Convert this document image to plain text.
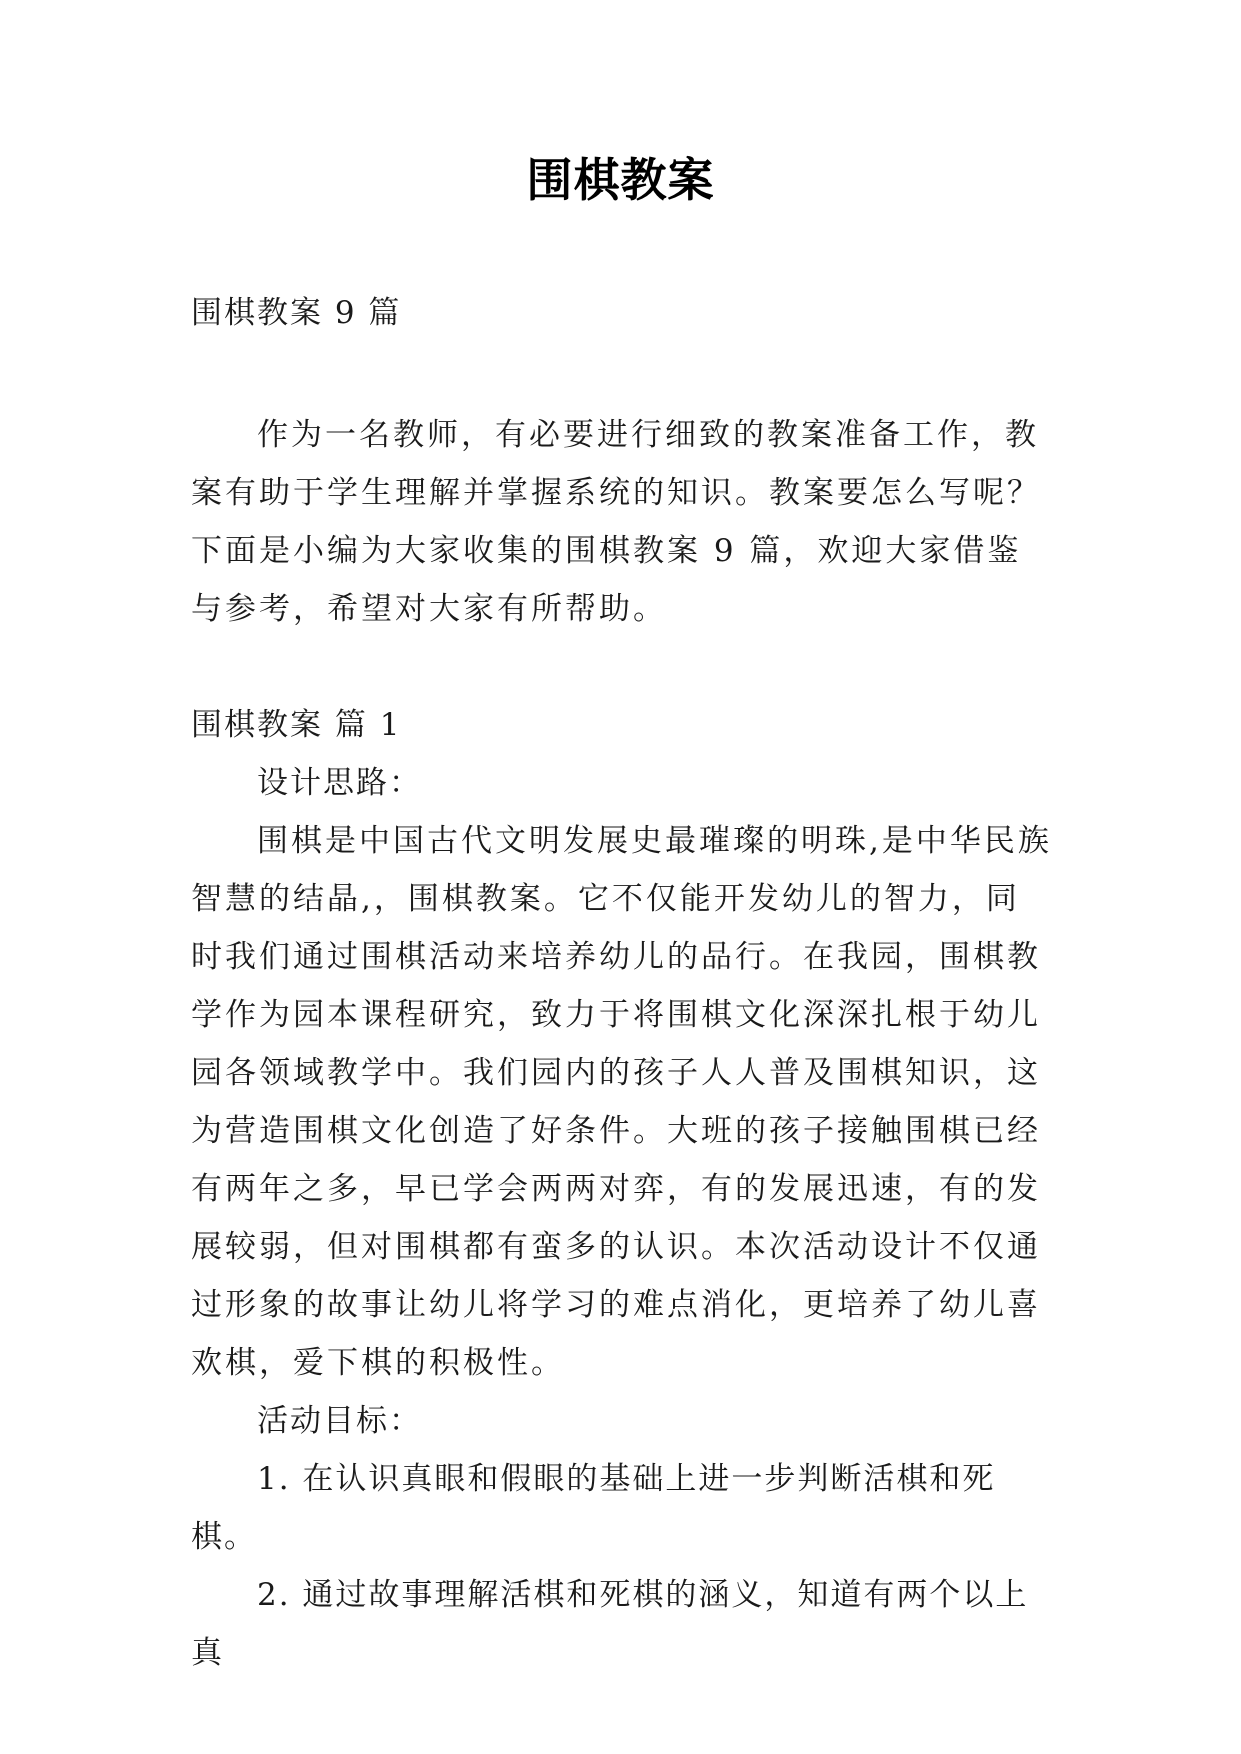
围棋教案
围棋教案 9 篇
作为一名教师，有必要进行细致的教案准备工作，教案有助于学生理解并掌握系统的知识。教案要怎么写呢？下面是小编为大家收集的围棋教案 9 篇，欢迎大家借鉴与参考，希望对大家有所帮助。

围棋教案 篇 1

设计思路：

围棋是中国古代文明发展史最璀璨的明珠,是中华民族智慧的结晶,，围棋教案。它不仅能开发幼儿的智力，同时我们通过围棋活动来培养幼儿的品行。在我园，围棋教学作为园本课程研究，致力于将围棋文化深深扎根于幼儿园各领域教学中。我们园内的孩子人人普及围棋知识，这为营造围棋文化创造了好条件。大班的孩子接触围棋已经有两年之多，早已学会两两对弈，有的发展迅速，有的发展较弱，但对围棋都有蛮多的认识。本次活动设计不仅通过形象的故事让幼儿将学习的难点消化，更培养了幼儿喜欢棋，爱下棋的积极性。

活动目标：

1. 在认识真眼和假眼的基础上进一步判断活棋和死棋。

2. 通过故事理解活棋和死棋的涵义，知道有两个以上真
